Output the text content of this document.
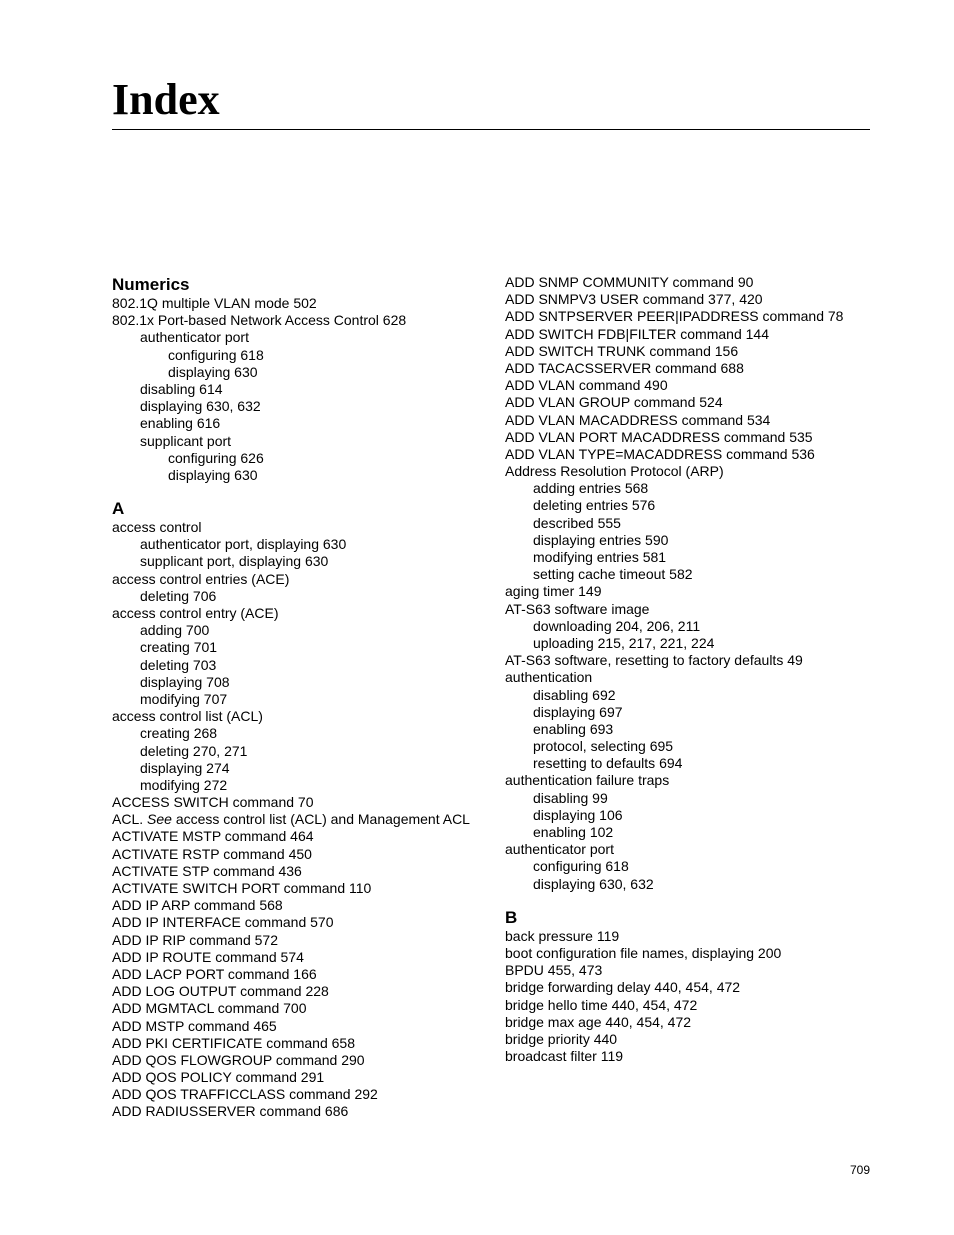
Index
Numerics
802.1Q multiple VLAN mode 502
802.1x Port-based Network Access Control 628
authenticator port
configuring 618
displaying 630
disabling 614
displaying 630, 632
enabling 616
supplicant port
configuring 626
displaying 630
A
access control
authenticator port, displaying 630
supplicant port, displaying 630
access control entries (ACE)
deleting 706
access control entry (ACE)
adding 700
creating 701
deleting 703
displaying 708
modifying 707
access control list (ACL)
creating 268
deleting 270, 271
displaying 274
modifying 272
ACCESS SWITCH command 70
ACL. See access control list (ACL) and Management ACL
ACTIVATE MSTP command 464
ACTIVATE RSTP command 450
ACTIVATE STP command 436
ACTIVATE SWITCH PORT command 110
ADD IP ARP command 568
ADD IP INTERFACE command 570
ADD IP RIP command 572
ADD IP ROUTE command 574
ADD LACP PORT command 166
ADD LOG OUTPUT command 228
ADD MGMTACL command 700
ADD MSTP command 465
ADD PKI CERTIFICATE command 658
ADD QOS FLOWGROUP command 290
ADD QOS POLICY command 291
ADD QOS TRAFFICCLASS command 292
ADD RADIUSSERVER command 686
ADD SNMP COMMUNITY command 90
ADD SNMPV3 USER command 377, 420
ADD SNTPSERVER PEER|IPADDRESS command 78
ADD SWITCH FDB|FILTER command 144
ADD SWITCH TRUNK command 156
ADD TACACSSERVER command 688
ADD VLAN command 490
ADD VLAN GROUP command 524
ADD VLAN MACADDRESS command 534
ADD VLAN PORT MACADDRESS command 535
ADD VLAN TYPE=MACADDRESS command 536
Address Resolution Protocol (ARP)
adding entries 568
deleting entries 576
described 555
displaying entries 590
modifying entries 581
setting cache timeout 582
aging timer 149
AT-S63 software image
downloading 204, 206, 211
uploading 215, 217, 221, 224
AT-S63 software, resetting to factory defaults 49
authentication
disabling 692
displaying 697
enabling 693
protocol, selecting 695
resetting to defaults 694
authentication failure traps
disabling 99
displaying 106
enabling 102
authenticator port
configuring 618
displaying 630, 632
B
back pressure 119
boot configuration file names, displaying 200
BPDU 455, 473
bridge forwarding delay 440, 454, 472
bridge hello time 440, 454, 472
bridge max age 440, 454, 472
bridge priority 440
broadcast filter 119
709
